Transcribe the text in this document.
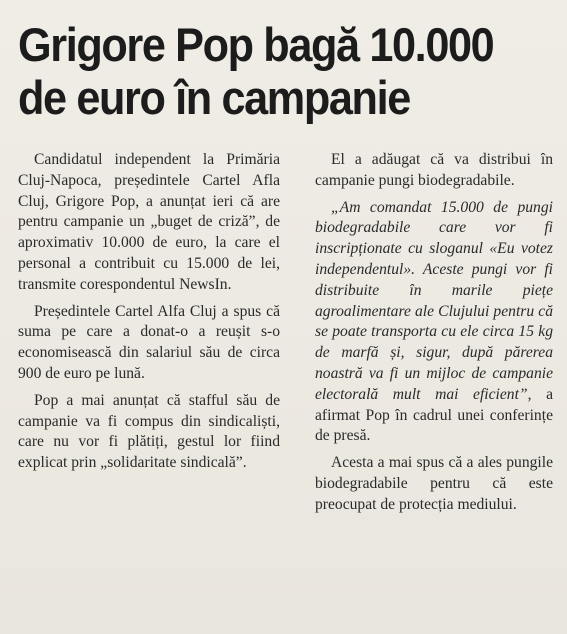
Grigore Pop bagă 10.000
de euro în campanie

Candidatul independent la Primăria Cluj-Napoca, președintele Cartel Afla Cluj, Grigore Pop, a anunțat ieri că are pentru campanie un „buget de criză”, de aproximativ 10.000 de euro, la care el personal a contribuit cu 15.000 de lei, transmite corespondentul NewsIn.

Președintele Cartel Alfa Cluj a spus că suma pe care a donat-o a reușit s-o economisească din salariul său de circa 900 de euro pe lună.

Pop a mai anunțat că stafful său de campanie va fi compus din sindicaliști, care nu vor fi plătiți, gestul lor fiind explicat prin „solidaritate sindicală”.

El a adăugat că va distribui în campanie pungi biodegradabile.

„Am comandat 15.000 de pungi biodegradabile care vor fi inscripționate cu sloganul «Eu votez independentul». Aceste pungi vor fi distribuite în marile piețe agroalimentare ale Clujului pentru că se poate transporta cu ele circa 15 kg de marfă și, sigur, după părerea noastră va fi un mijloc de campanie electorală mult mai eficient”, a afirmat Pop în cadrul unei conferințe de presă.

Acesta a mai spus că a ales pungile biodegradabile pentru că este preocupat de protecția mediului.
